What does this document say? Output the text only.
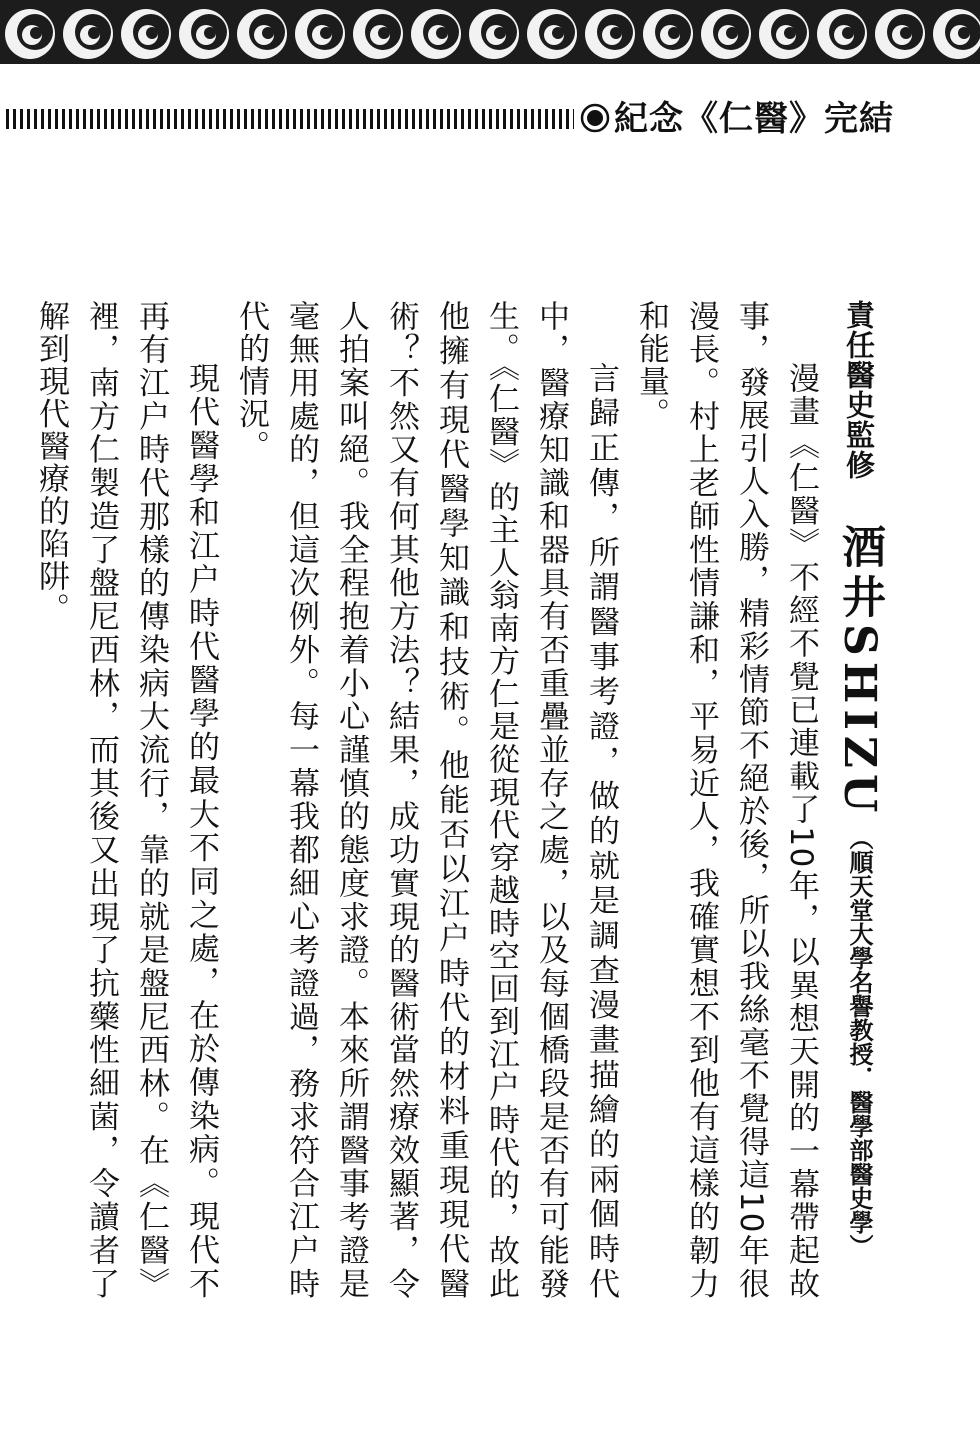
紀念《仁醫》完結
責任醫史監修酒井SHIZU（順天堂大學名譽教授．醫學部醫史學）

漫畫《仁醫》不經不覺已連載了10年，以異想天開的一幕帶起故事，發展引人入勝，精彩情節不絕於後，所以我絲毫不覺得這10年很漫長。村上老師性情謙和，平易近人，我確實想不到他有這樣的韌力和能量。

言歸正傳，所謂醫事考證，做的就是調查漫畫描繪的兩個時代中，醫療知識和器具有否重疊並存之處，以及每個橋段是否有可能發生。《仁醫》的主人翁南方仁是從現代穿越時空回到江户時代的，故此他擁有現代醫學知識和技術。他能否以江户時代的材料重現現代醫術？不然又有何其他方法？結果，成功實現的醫術當然療效顯著，令人拍案叫絕。我全程抱着小心謹慎的態度求證。本來所謂醫事考證是毫無用處的，但這次例外。每一幕我都細心考證過，務求符合江户時代的情況。

現代醫學和江户時代醫學的最大不同之處，在於傳染病。現代不再有江户時代那樣的傳染病大流行，靠的就是盤尼西林。在《仁醫》裡，南方仁製造了盤尼西林，而其後又出現了抗藥性細菌，令讀者了解到現代醫療的陷阱。
